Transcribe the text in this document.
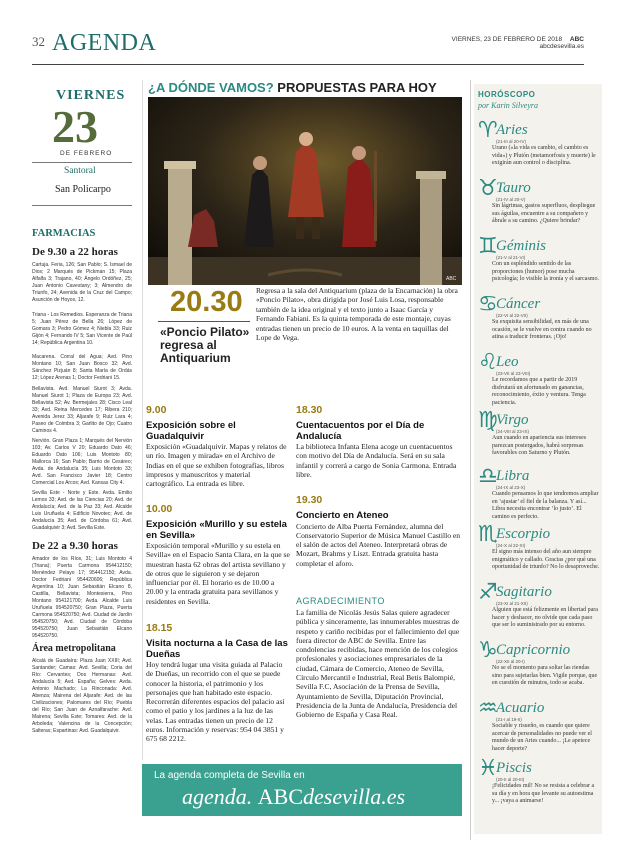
32 AGENDA	VIERNES, 23 DE FEBRERO DE 2018 ABC
abcdesevilla.es
VIERNES
23
DE FEBRERO
Santoral
San Policarpo
FARMACIAS
De 9.30 a 22 horas
Cartuja. Feria, 126; San Pablo; S. Ismael de Dios; 2 Marqués de Pickman 15; Plaza Alfalfa 3; Trajano, 40; Ángelo Ordóñez, 25; Juan Antonio Cavestany; 3; Almendro de Triunfo, 24; Avenida de la Cruz del Campo; Asunción de Hoyos, 12.
Triana - Los Remedios. Esperanza de Triana 5; Juan Pérez de Bella 26; López de Gomara 3; Pedro Gómez 4; Niebla 33; Ruiz Gijón 4; Fernando IV 5; San Vicente de Paúl 14; República Argentina 10.
Macarena. Corral del Agua; Avd. Pino Montano 10; San Juan Bosco 32; Avd. Sánchez Pizjuán 8; Santa María de Ordás 12; López Arenas 1; Doctor Fedriani 15.
Bellavista. Avd. Manuel Siurot 3; Avda. Manuel Siurot 1; Plaza de Europa 23; Avd. Bellavista 52; Av. Bermejales 28; Cisco Leal 33; Avd. Reina Mercedes 17; Ribera 210; Avenida Jerez 33; Aljarafe 9; Ruiz Lara 4; Paseo de Coimbra 3; Garlito de Ojo; Cuatro Caminos 4.
Nervión. Gran Plaza 1; Marqués del Nervión 103; Av. Carlos V 20; Eduardo Dato 46; Eduardo Dato 106; Luis Montoto 80; Mallorca 16; San Pablo; Barrio de Cesáreo; Avda. de Andalucía 35; Luis Montoto 33; Avd. San Francisco Javier 18; Centro Comercial Los Arcos; Avd. Kansas City 4.
Sevilla Este - Norte y Este. Avda. Emilio Lemos 33; Avd. de las Ciencias 20; Avd. de Andalucía; Avd. de la Paz 33; Avd. Alcalde Luis Uruñuela 4; Edificio Novotec; Avd. de Andalucía 35; Avd. de Córdoba 61; Avd. Guadalquivir 3; Avd. Sevilla Este.
De 22 a 9.30 horas
Amador de los Ríos, 31; Luis Montoto 4 (Triana); Puerta Carmona 954412150; Menéndez Pelayo 17; 954412150; Avda. Doctor Fedriani 954420606; República Argentina 10; Juan Sebastián Elcano 8, Castilla, Bellavista; Montesierra, Pino Montano 954121700; Avda. Alcalde Luis Uruñuela 954520750; Gran Plaza, Puerta Carmona 954520750; Avd. Ciudad de Jardín 954520750; Avd. Ciudad de Córdoba 954520750; Juan Sebastián Elcano 954520750.
Área metropolitana
Alcalá de Guadaíra: Plaza Juan XXIII; Avd. Santander; Camas: Avd. Sevilla; Coria del Río: Cervantes; Dos Hermanas: Avd. Andalucía 5; Avd. España; Gelves: Avda. Antonio Machado; La Rinconada: Avd. Abenza; Mairena del Aljarafe: Avd. de las Civilizaciones; Palomares del Río; Puebla del Río; San Juan de Aznalfarache: Avd. Mairena; Sevilla Este; Tomares: Avd. de la Arboleda; Valencina de la Concepción; Salteras; Espartinas: Avd. Guadalquivir.
¿A DÓNDE VAMOS? PROPUESTAS PARA HOY
ABC
20.30
«Poncio Pilato» regresa al Antiquarium
Regresa a la sala del Antiquarium (plaza de la Encarnación) la obra «Poncio Pilato», obra dirigida por José Luis Losa, responsable también de la idea original y el texto junto a Isaac García y Fernando Fabiani. Es la quinta temporada de este montaje, cuyas entradas tienen un precio de 10 euros. A la venta en taquillas del Lope de Vega.
9.00
Exposición sobre el Guadalquivir
Exposición «Guadalquivir. Mapas y relatos de un río. Imagen y mirada» en el Archivo de Indias en el que se exhiben fotografías, libros impresos y manuscritos y material cartográfico. La entrada es libre.
10.00
Exposición «Murillo y su estela en Sevilla»
Exposición temporal «Murillo y su estela en Sevilla» en el Espacio Santa Clara, en la que se muestran hasta 62 obras del artista sevillano y de otros que le siguieron y se dejaron influenciar por él. El horario es de 10.00 a 20.00 y la entrada gratuita para sevillanos y residentes en Sevilla.
18.15
Visita nocturna a la Casa de las Dueñas
Hoy tendrá lugar una visita guiada al Palacio de Dueñas, un recorrido con el que se puede conocer la historia, el patrimonio y los personajes que han habitado este espacio. Recorrerán diferentes espacios del palacio así como el patio y los jardines a la luz de las velas. Las entradas tienen un precio de 12 euros. Información y reservas: 954 04 3851 y 675 68 2212.
18.30
Cuentacuentos por el Día de Andalucía
La biblioteca Infanta Elena acoge un cuentacuentos con motivo del Día de Andalucía. Será en su sala infantil y correrá a cargo de Sonia Carmona. Entrada libre.
19.30
Concierto en Ateneo
Concierto de Alba Puerta Fernández, alumna del Conservatorio Superior de Música Manuel Castillo en el salón de actos del Ateneo. Interpretará obras de Mozart, Brahms y Liszt. Entrada gratuita hasta completar el aforo.
AGRADECIMIENTO
La familia de Nicolás Jesús Salas quiere agradecer pública y sinceramente, las innumerables muestras de respeto y cariño recibidas por el fallecimiento del que fuera director de ABC de Sevilla. Entre las condolencias recibidas, hace mención de los colegios profesionales y asociaciones empresariales de la ciudad, Cámara de Comercio, Ateneo de Sevilla, Círculo Mercantil e Industrial, Real Betis Balompié, Sevilla F.C, Asociación de la Prensa de Sevilla, Ayuntamiento de Sevilla, Diputación Provincial, Presidencia de la Junta de Andalucía, Presidencia del Gobierno de España y Casa Real.
La agenda completa de Sevilla en
agenda. ABCdesevilla.es
HORÓSCOPO
por Karin Silveyra
♈
Aries
(21-III al 20-IV)
Urano («la vida es cambio, el cambio es vida») y Plutón (metamorfosis y muerte) le exigirán aun control o disciplina.
♉
Tauro
(21-IV al 20-V)
Sin lágrimas, gastos superfluos, despliegue sus águilas, encuentre a su compañero y ábrale a su camino. ¿Quiere brindar?
♊
Géminis
(21-V al 21-VI)
Con un espléndido sentido de las proporciones (humor) pose mucha psicología; lo visible la ironía y el sarcasmo.
♋
Cáncer
(22-VI al 22-VII)
Su exquisita sensibilidad, en más de una ocasión, se le vuelve en contra cuando no atina a traducir fronteras. ¡Ojo!
♌
Leo
(23-VII al 23-VIII)
Le recordamos que a partir de 2019 disfrutará un afortunado en ganancias, reconocimiento, éxito y ventura. Tenga paciencia.
♍
Virgo
(24-VIII al 23-IX)
Aun cuando en apariencia sus intereses parezcan postergados, habrá sorpresas favorables con Saturno y Plutón.
♎
Libra
(24-IX al 23-X)
Cuando pensamos lo que tendremos ampliar en ‘ajustar’ el fiel de la balanza. Y así... Libra necesita encontrar ‘lo justo’. El camino es perfecto.
♏
Escorpio
(24-X al 22-XI)
El signo más intenso del año aun siempre enigmático y callado. Gracias ¿por qué una oportunidad de triunfo? No lo desaproveche.
♐
Sagitario
(23-XI al 21-XII)
Alguien que está felizmente en libertad para hacer y deshacer, no olvide que cada paso que ser lo suministrado por su entorno.
♑
Capricornio
(22-XII al 20-I)
No se el momento para soltar las riendas sino para sujetarlas bien. Vigile porque, que en cuestión de minutos, todo se acaba.
♒
Acuario
(21-I al 19-II)
Sociable y risueño, es cuando que quiere acercar de personalidades no puede ver el mundo de un Aries cuando... ¡Le apetece hacer deporte?
♓
Piscis
(20-II al 20-III)
¡Felicidades mil! No se resista a celebrar a su día y en hora que levante su autoestima y... ¡vaya a animarse!
